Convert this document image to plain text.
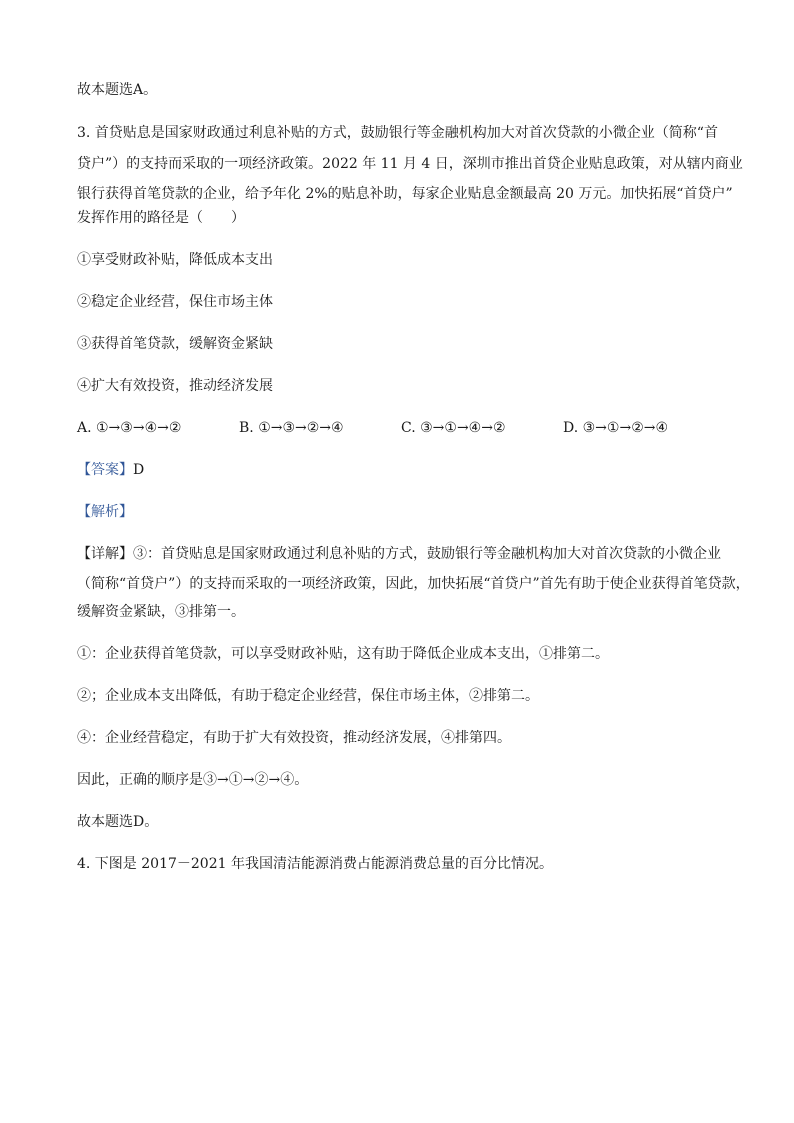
故本题选A。
3. 首贷贴息是国家财政通过利息补贴的方式，鼓励银行等金融机构加大对首次贷款的小微企业（简称“首
贷户”）的支持而采取的一项经济政策。2022 年 11 月 4 日，深圳市推出首贷企业贴息政策，对从辖内商业
银行获得首笔贷款的企业，给予年化 2%的贴息补助，每家企业贴息金额最高 20 万元。加快拓展“首贷户”
发挥作用的路径是（　　）
①享受财政补贴，降低成本支出
②稳定企业经营，保住市场主体
③获得首笔贷款，缓解资金紧缺
④扩大有效投资，推动经济发展
A. ①→③→④→②	B. ①→③→②→④	C. ③→①→④→②	D. ③→①→②→④
【答案】D
【解析】
【详解】③：首贷贴息是国家财政通过利息补贴的方式，鼓励银行等金融机构加大对首次贷款的小微企业
（简称“首贷户”）的支持而采取的一项经济政策，因此，加快拓展“首贷户”首先有助于使企业获得首笔贷款，
缓解资金紧缺，③排第一。
①：企业获得首笔贷款，可以享受财政补贴，这有助于降低企业成本支出，①排第二。
②；企业成本支出降低，有助于稳定企业经营，保住市场主体，②排第二。
④：企业经营稳定，有助于扩大有效投资，推动经济发展，④排第四。
因此，正确的顺序是③→①→②→④。
故本题选D。
4. 下图是 2017－2021 年我国清洁能源消费占能源消费总量的百分比情况。
